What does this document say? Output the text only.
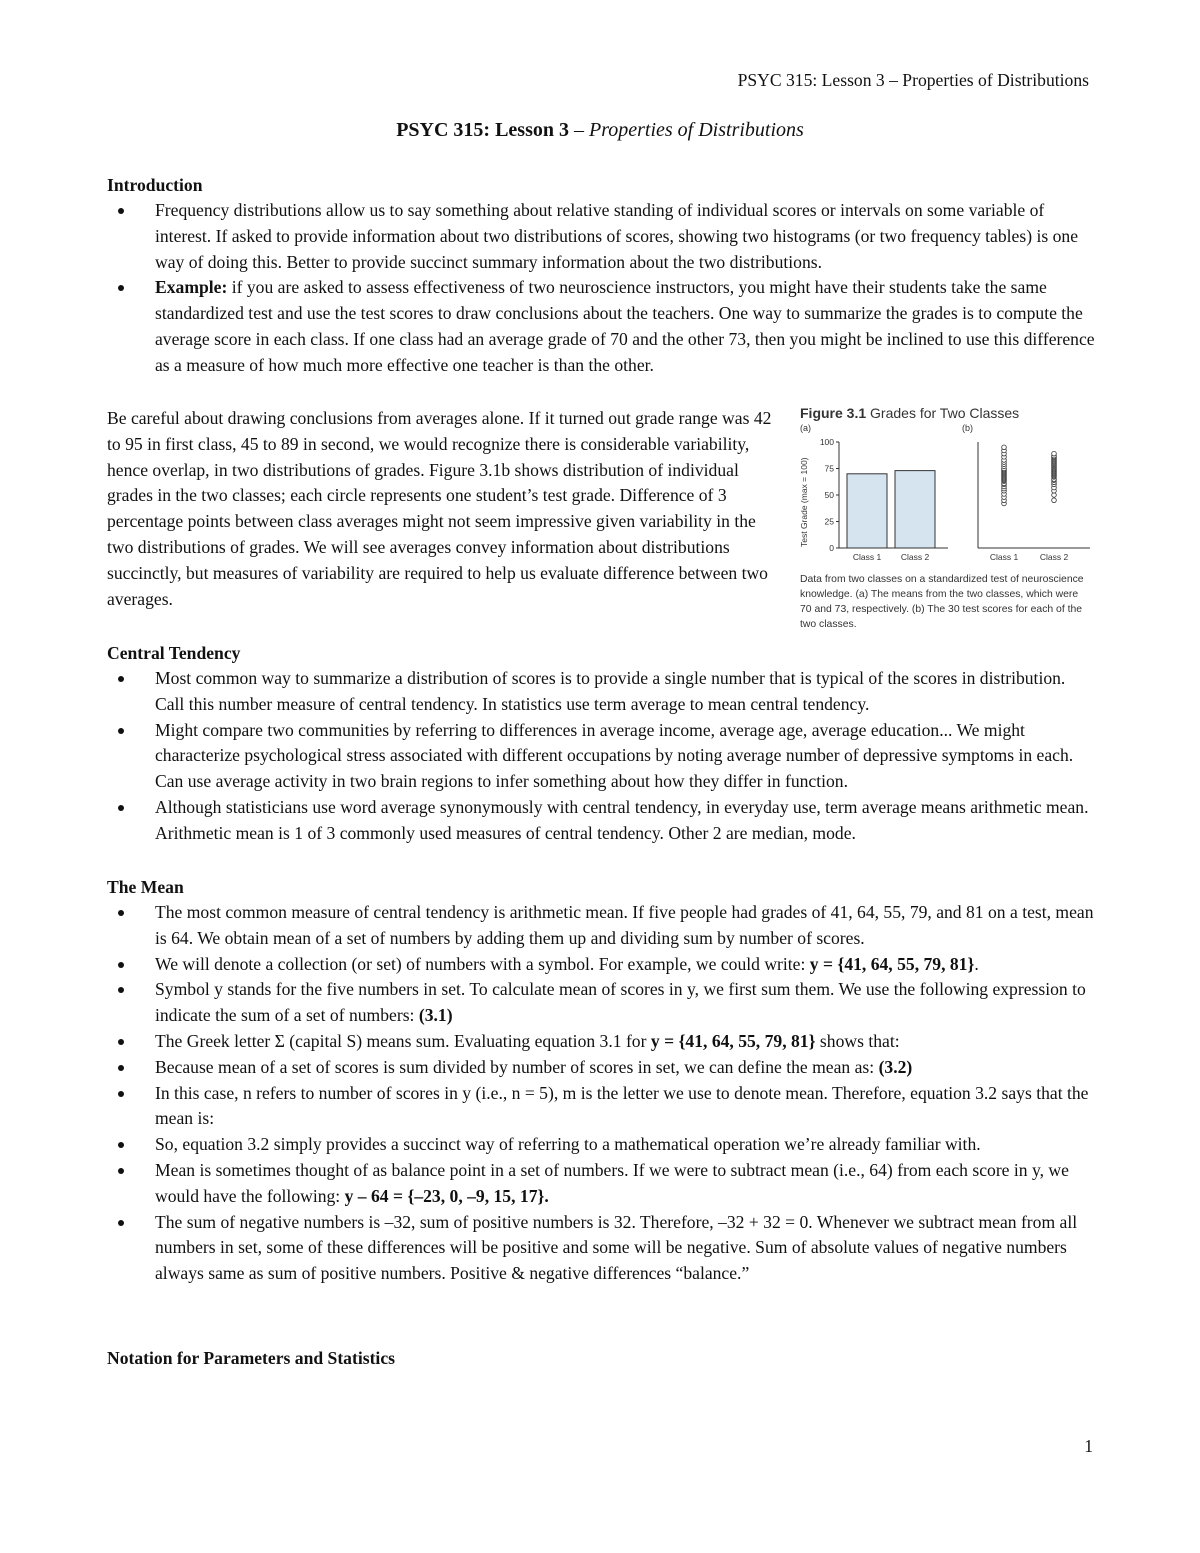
PSYC 315: Lesson 3 – Properties of Distributions
PSYC 315: Lesson 3 – Properties of Distributions

Introduction

Frequency distributions allow us to say something about relative standing of individual scores or intervals on some variable of interest. If asked to provide information about two distributions of scores, showing two histograms (or two frequency tables) is one way of doing this. Better to provide succinct summary information about the two distributions.
Example: if you are asked to assess effectiveness of two neuroscience instructors, you might have their students take the same standardized test and use the test scores to draw conclusions about the teachers. One way to summarize the grades is to compute the average score in each class. If one class had an average grade of 70 and the other 73, then you might be inclined to use this difference as a measure of how much more effective one teacher is than the other.
Be careful about drawing conclusions from averages alone. If it turned out grade range was 42 to 95 in first class, 45 to 89 in second, we would recognize there is considerable variability, hence overlap, in two distributions of grades. Figure 3.1b shows distribution of individual grades in the two classes; each circle represents one student’s test grade. Difference of 3 percentage points between class averages might not seem impressive given variability in the two distributions of grades. We will see averages convey information about distributions succinctly, but measures of variability are required to help us evaluate difference between two averages.
Figure 3.1 Grades for Two Classes
(a)	(b)
Test Grade (max = 100)
0
25
50
75
100
Class 1 Class 2	Class 1	Class 2
Data from two classes on a standardized test of neuroscience knowledge. (a) The means from the two classes, which were 70 and 73, respectively. (b) The 30 test scores for each of the two classes.

Central Tendency

Most common way to summarize a distribution of scores is to provide a single number that is typical of the scores in distribution. Call this number measure of central tendency. In statistics use term average to mean central tendency.
Might compare two communities by referring to differences in average income, average age, average education... We might characterize psychological stress associated with different occupations by noting average number of depressive symptoms in each. Can use average activity in two brain regions to infer something about how they differ in function.
Although statisticians use word average synonymously with central tendency, in everyday use, term average means arithmetic mean. Arithmetic mean is 1 of 3 commonly used measures of central tendency. Other 2 are median, mode.

The Mean

The most common measure of central tendency is arithmetic mean. If five people had grades of 41, 64, 55, 79, and 81 on a test, mean is 64. We obtain mean of a set of numbers by adding them up and dividing sum by number of scores.
We will denote a collection (or set) of numbers with a symbol. For example, we could write: y = {41, 64, 55, 79, 81}.
Symbol y stands for the five numbers in set. To calculate mean of scores in y, we first sum them. We use the following expression to indicate the sum of a set of numbers: (3.1)
The Greek letter Σ (capital S) means sum. Evaluating equation 3.1 for y = {41, 64, 55, 79, 81} shows that:
Because mean of a set of scores is sum divided by number of scores in set, we can define the mean as: (3.2)
In this case, n refers to number of scores in y (i.e., n = 5), m is the letter we use to denote mean. Therefore, equation 3.2 says that the mean is:
So, equation 3.2 simply provides a succinct way of referring to a mathematical operation we’re already familiar with.
Mean is sometimes thought of as balance point in a set of numbers. If we were to subtract mean (i.e., 64) from each score in y, we would have the following: y – 64 = {–23, 0, –9, 15, 17}.
The sum of negative numbers is –32, sum of positive numbers is 32. Therefore, –32 + 32 = 0. Whenever we subtract mean from all numbers in set, some of these differences will be positive and some will be negative. Sum of absolute values of negative numbers always same as sum of positive numbers. Positive & negative differences “balance.”

Notation for Parameters and Statistics

1
